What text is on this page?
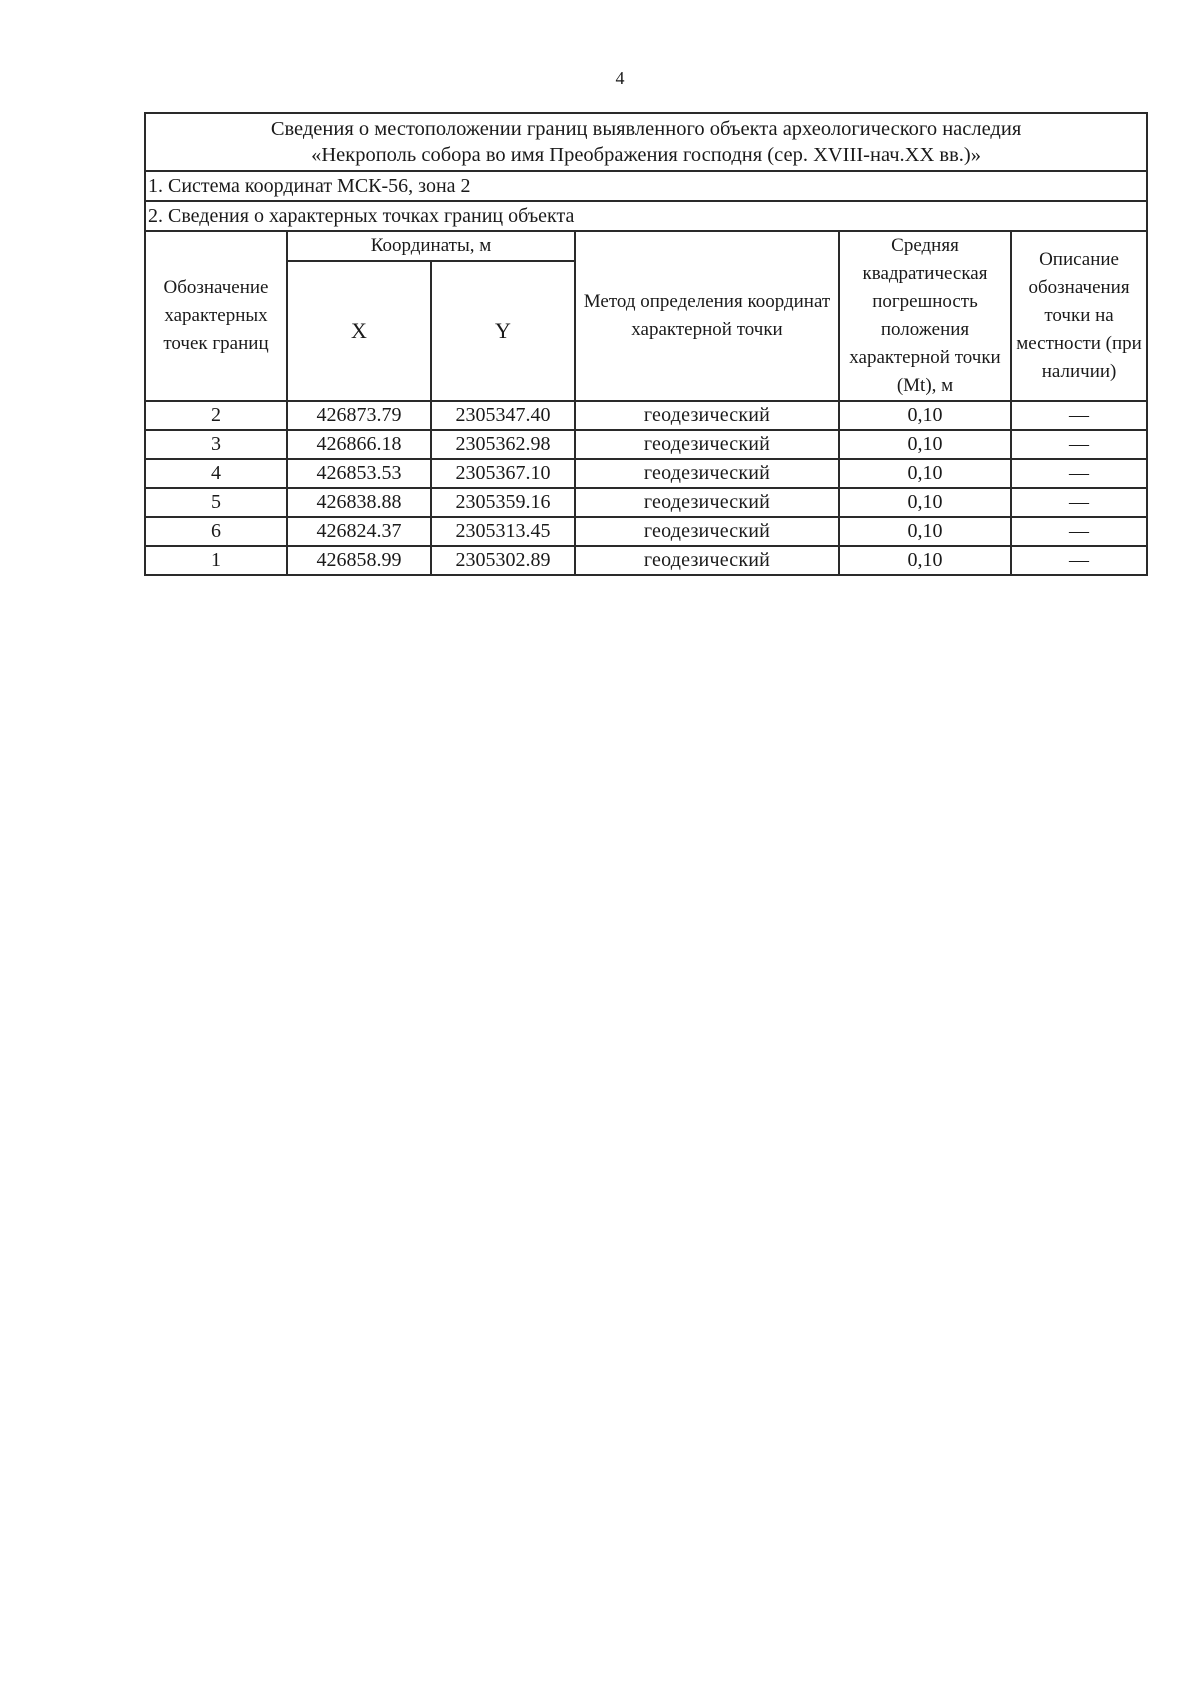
4
Сведения о местоположении границ выявленного объекта археологического наследия
«Некрополь собора во имя Преображения господня (сер. XVIII-нач.XX вв.)»					

1. Система координат МСК-56, зона 2					
2. Сведения о характерных точках границ объекта					
Обозначение характерных точек границ	Координаты, м		Метод определения координат характерной точки	Средняя квадратическая погрешность положения характерной точки (Mt), м	Описание обозначения точки на местности (при наличии)
	X	Y			
2	426873.79	2305347.40	геодезический	0,10	—
3	426866.18	2305362.98	геодезический	0,10	—
4	426853.53	2305367.10	геодезический	0,10	—
5	426838.88	2305359.16	геодезический	0,10	—
6	426824.37	2305313.45	геодезический	0,10	—
1	426858.99	2305302.89	геодезический	0,10	—
